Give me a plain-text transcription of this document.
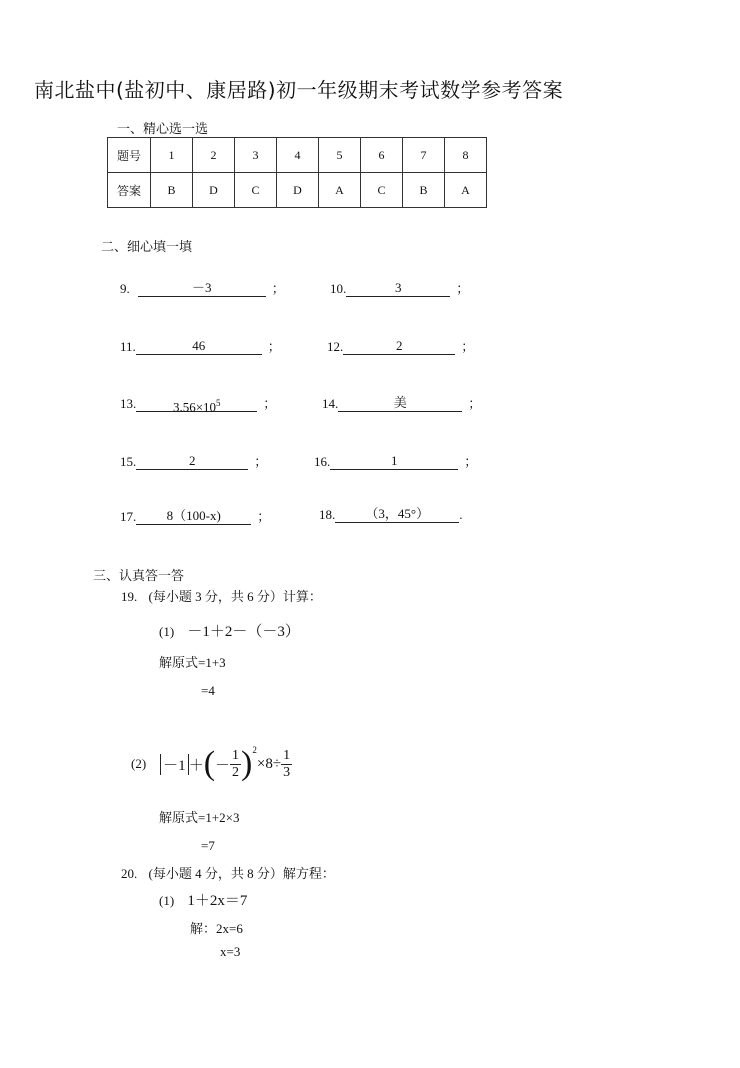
南北盐中(盐初中、康居路)初一年级期末考试数学参考答案
一、精心选一选
题号	1	2	3	4	5	6	7	8
答案	B	D	C	D	A	C	B	A
二、细心填一填
9.	－3	；	10.	3	；
11.	46	；	12.	2	；
13.	$3.56\times 10^5$	；	14.	美	；
15.	2	；	16.	1	；
17.	8（100-x)	；	18.	（3，45°）	.
三、认真答一答
19. (每小题 3 分，共 6 分）计算：
(1) －1＋2－（－3）
解原式=1+3
=4
(2) －1 ＋ ( － $\frac{1}{2} )^2$
$\times 8\div \frac{1}{3}$
解原式=1+2×3
=7
20. (每小题 4 分，共 8 分）解方程：
(1) 1＋2x＝7
解：2x=6
x=3
